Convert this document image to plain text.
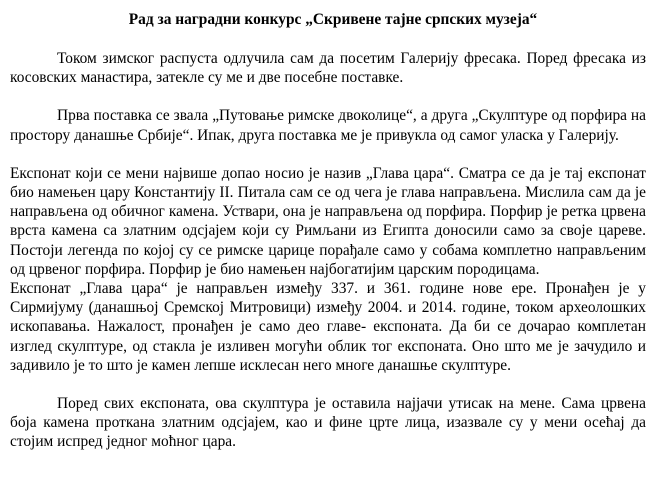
Рад за наградни конкурс „Скривене тајне српских музеја“

Током зимског распуста одлучила сам да посетим Галерију фресака. Поред фресака из косовских манастира, затекле су ме и две посебне поставке.

Прва поставка се звала „Путовање римске двоколице“, а друга „Скулптуре од порфира на простору данашње Србије“. Ипак, друга поставка ме је привукла од самог уласка у Галерију.

Експонат који се мени највише допао носио је назив „Глава цара“. Сматра се да је тај експонат био намењен цару Константију II. Питала сам се од чега је глава направљена. Мислила сам да је направљена од обичног камена. Уствари, она је направљена од порфира. Порфир је ретка црвена врста камена са златним одсјајем који су Римљани из Египта доносили само за своје цареве. Постоји легенда по којој су се римске царице порађале само у собама комплетно направљеним од црвеног порфира. Порфир је био намењен најбогатијим царским породицама.

Експонат „Глава цара“ је направљен између 337. и 361. године нове ере. Пронађен је у Сирмијуму (данашњој Сремској Митровици) између 2004. и 2014. године, током археолошких ископавања. Нажалост, пронађен је само део главе- експоната. Да би се дочарао комплетан изглед скулптуре, од стакла је изливен могући облик тог експоната. Оно што ме је зачудило и задивило је то што је камен лепше исклесан него многе данашње скулптуре.

Поред свих експоната, ова скулптура је оставила најјачи утисак на мене. Сама црвена боја камена проткана златним одсјајем, као и фине црте лица, изазвале су у мени осећај да стојим испред једног моћног цара.
